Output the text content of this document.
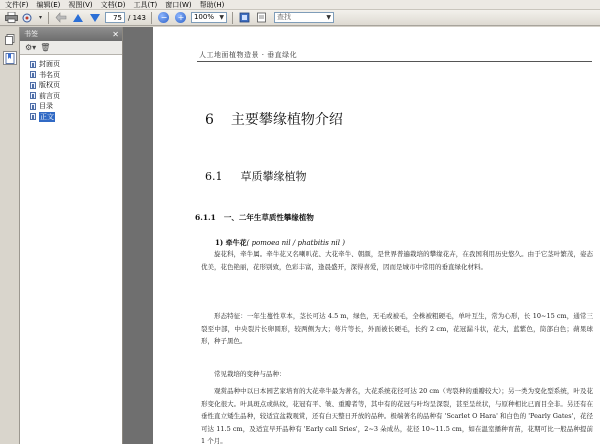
文件(F)	编辑(E)	视图(V)	文档(D)	工具(T)	窗口(W)	帮助(H)
▾
75	/ 143 − +	100% ▼	查找	▼
书签	✕
⚙▾ 🗑
封面页
书名页
版权页
前言页
目录
正文
人工地面植物造景 · 垂直绿化
6 主要攀缘植物介绍
6.1 草质攀缘植物
6.1.1 一、二年生草质性攀缘植物
1) 牵牛花( pomoea nil / phatbitis nil )

旋花科，牵牛属。牵牛花又名喇叭花、大花牵牛、朝颜，是世界普遍栽培的攀缘花卉，在我国利用历史悠久。由于它茎叶繁茂，姿态优美，花色艳丽，花形别致，色彩丰富，逢晨盛开，深得喜爱，因而是城市中常用的垂直绿化材料。

形态特征：一年生蔓性草本，茎长可达 4.5 m，绿色，无毛或被毛，全株被粗硬毛，单叶互生，常为心形，长 10~15 cm，通常三裂至中部，中央裂片长卵圆形，较两侧为大；萼片等长，外面被长硬毛，长约 2 cm，花冠漏斗状，花大，蓝紫色，筒部白色；蒴果球形，种子黑色。

常见栽培的变种与品种：

观赏品种中以日本园艺家培育的大花牵牛最为著名，大花系统花径可达 20 cm（弯裂种的重瓣较大）；另一类为变化型系统，叶及花形变化很大。叶具斑点或纵纹，花冠有平、皱、重瓣者等，其中有的花冠与叶均呈深裂，甚至呈丝状，与原种相比已面目全非。另还有在垂性直立矮生品种，较适宜盆栽观赏，还有白天整日开放的品种。极端著名的品种有 'Scarlet O Hara' 和白色的 'Pearly Gates'，花径可达 11.5 cm，及适宜早开品种有 'Early call Sries'，2~3 朵成丛，花径 10~11.5 cm，如在温室播种育苗，花期可比一般品种提前 1 个月。
